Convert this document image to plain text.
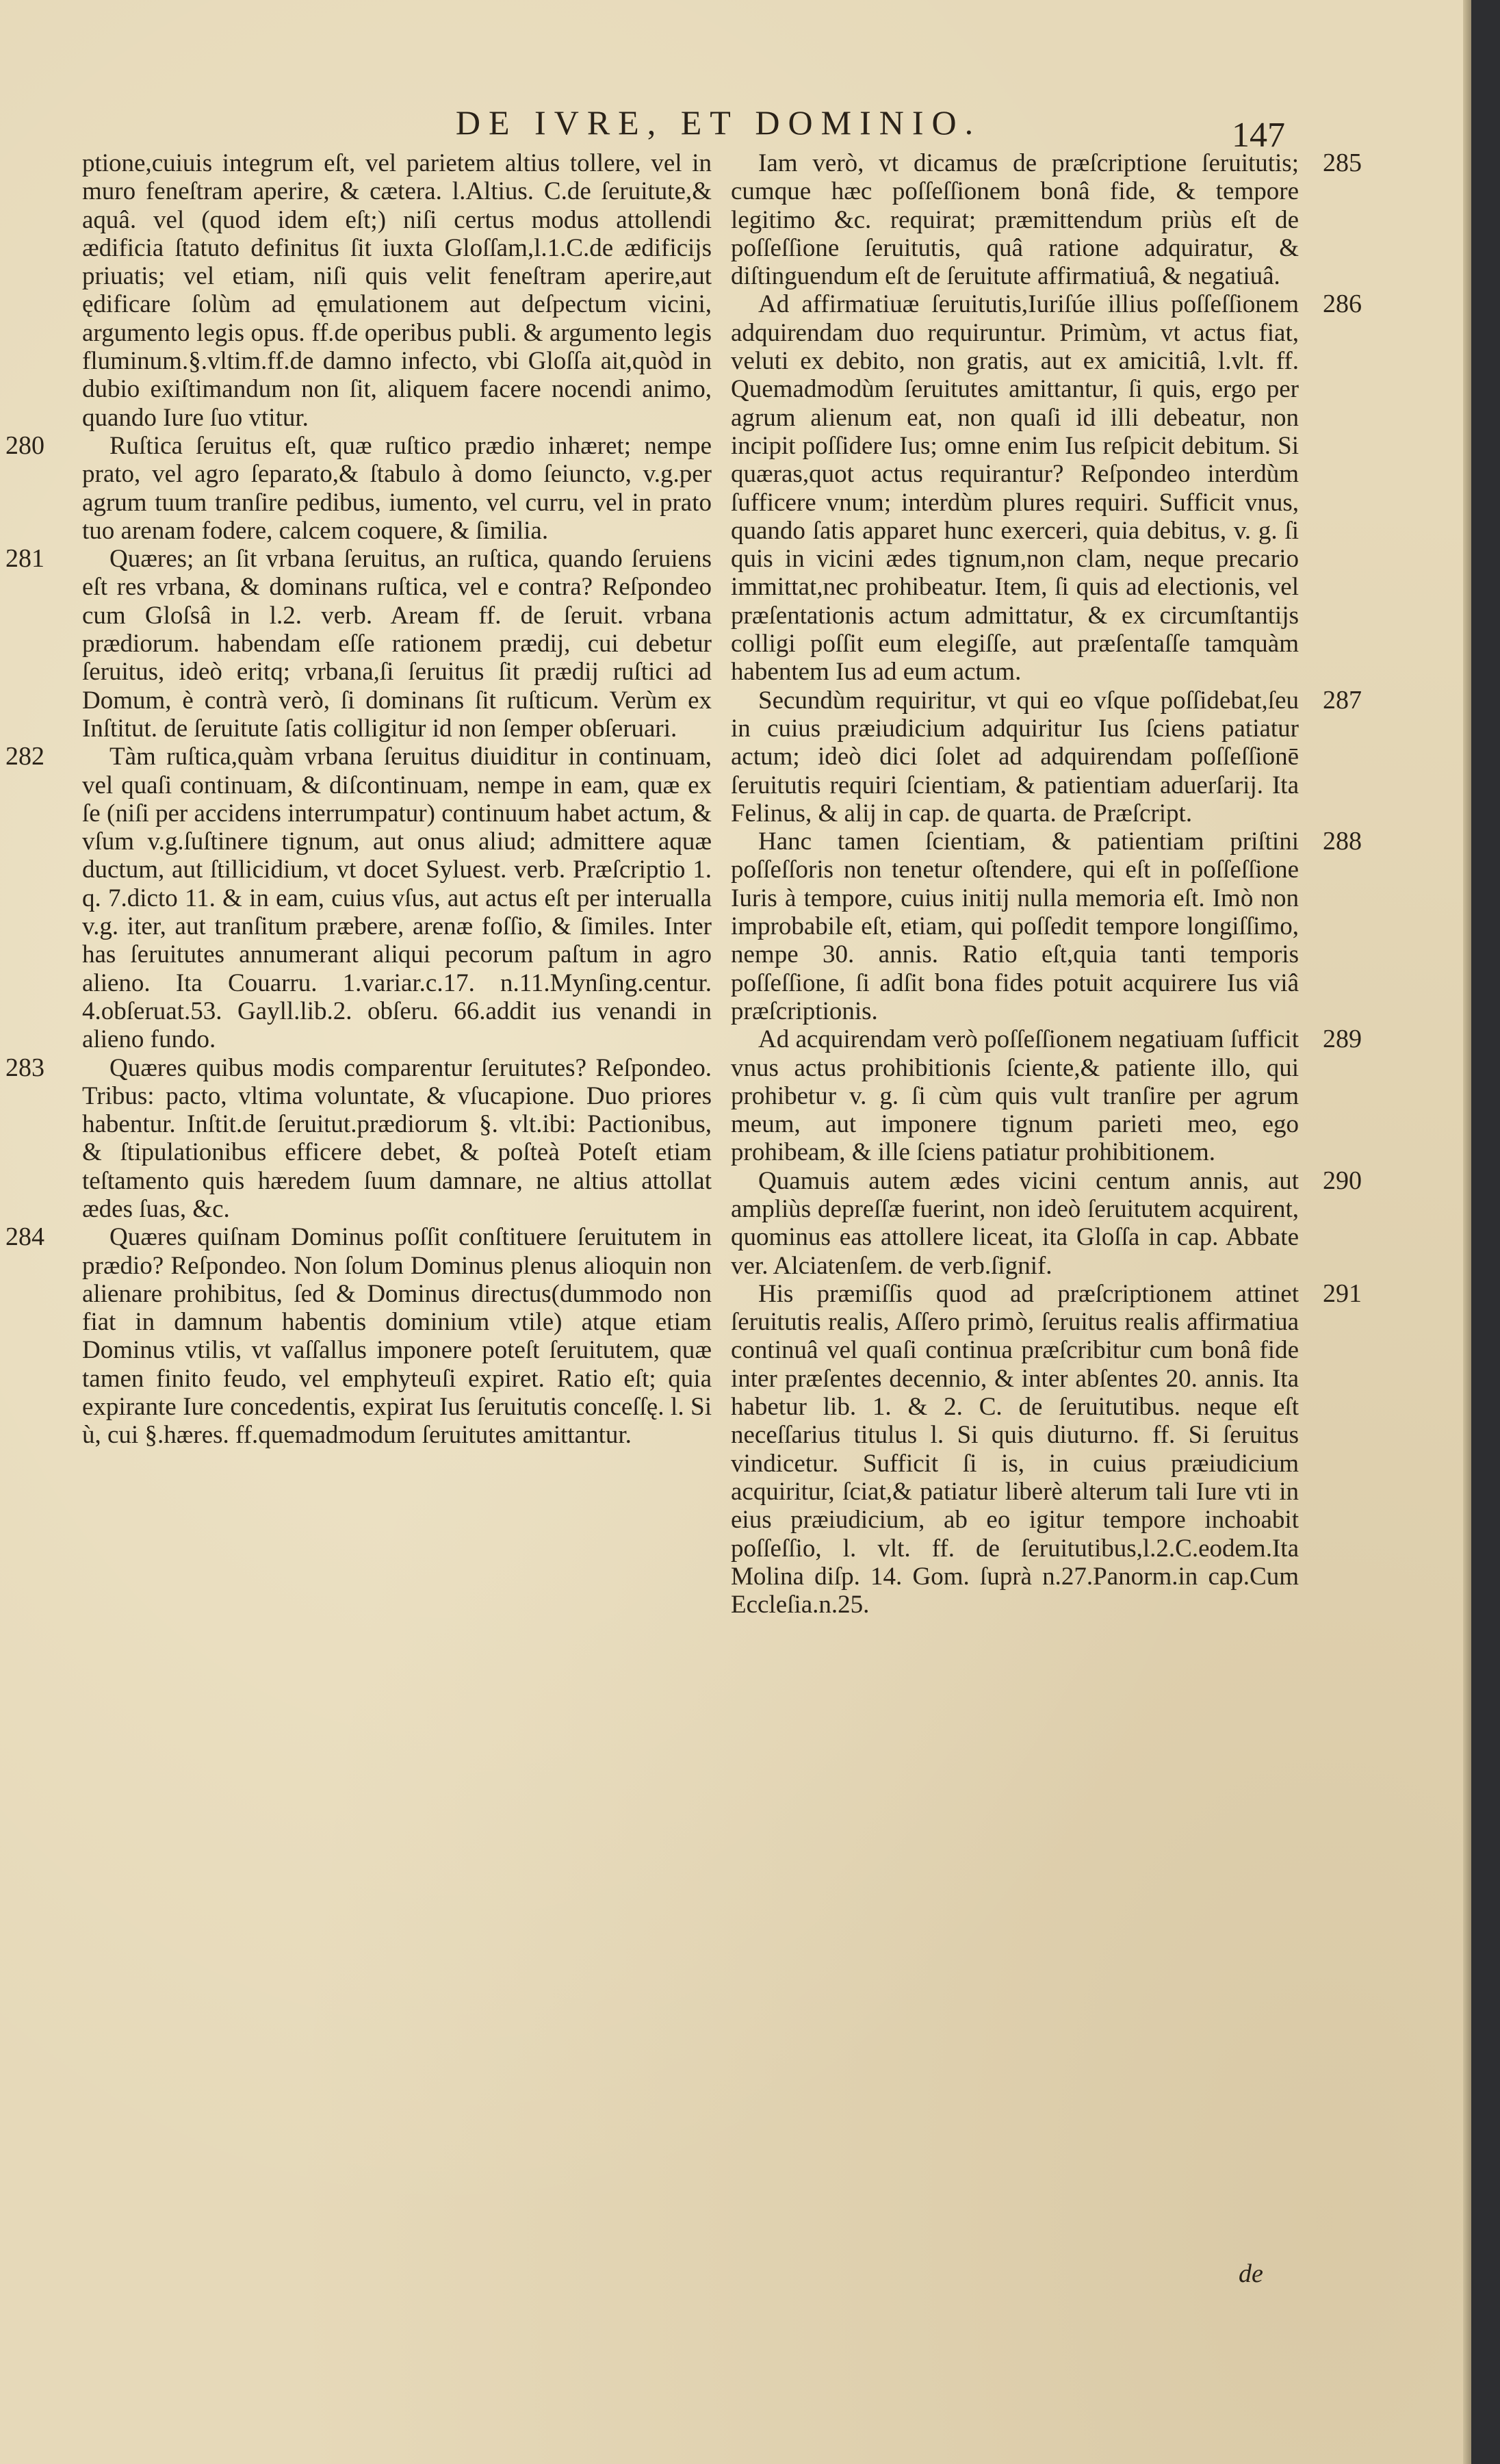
DE IVRE, ET DOMINIO.	147

ptione,cuiuis integrum eſt, vel parietem altius tollere, vel in muro feneſtram aperire, & cætera. l.Altius. C.de ſeruitute,& aquâ. vel (quod idem eſt;) niſi certus modus attollendi ædificia ſtatuto definitus ſit iuxta Gloſſam,l.1.C.de ædificijs priuatis; vel etiam, niſi quis velit feneſtram aperire,aut ędificare ſolùm ad ęmulationem aut deſpectum vicini, argumento legis opus. ff.de operibus publi. & argumento legis fluminum.§.vltim.ff.de damno infecto, vbi Gloſſa ait,quòd in dubio exiſtimandum non ſit, aliquem facere nocendi animo, quando Iure ſuo vtitur.

280	Ruſtica ſeruitus eſt, quæ ruſtico prædio inhæret; nempe prato, vel agro ſeparato,& ſtabulo à domo ſeiuncto, v.g.per agrum tuum tranſire pedibus, iumento, vel curru, vel in prato tuo arenam fodere, calcem coquere, & ſimilia.

281	Quæres; an ſit vrbana ſeruitus, an ruſtica, quando ſeruiens eſt res vrbana, & dominans ruſtica, vel e contra? Reſpondeo cum Gloſsâ in l.2. verb. Aream ff. de ſeruit. vrbana prædiorum. habendam eſſe rationem prædij, cui debetur ſeruitus, ideò eritq; vrbana,ſi ſeruitus ſit prædij ruſtici ad Domum, è contrà verò, ſi dominans ſit ruſticum. Verùm ex Inſtitut. de ſeruitute ſatis colligitur id non ſemper obſeruari.

282	Tàm ruſtica,quàm vrbana ſeruitus diuiditur in continuam, vel quaſi continuam, & diſcontinuam, nempe in eam, quæ ex ſe (niſi per accidens interrumpatur) continuum habet actum, & vſum v.g.ſuſtinere tignum, aut onus aliud; admittere aquæ ductum, aut ſtillicidium, vt docet Syluest. verb. Præſcriptio 1. q. 7.dicto 11. & in eam, cuius vſus, aut actus eſt per interualla v.g. iter, aut tranſitum præbere, arenæ foſſio, & ſimiles. Inter has ſeruitutes annumerant aliqui pecorum paſtum in agro alieno. Ita Couarru. 1.variar.c.17. n.11.Mynſing.centur. 4.obſeruat.53. Gayll.lib.2. obſeru. 66.addit ius venandi in alieno fundo.

283	Quæres quibus modis comparentur ſeruitutes? Reſpondeo. Tribus: pacto, vltima voluntate, & vſucapione. Duo priores habentur. Inſtit.de ſeruitut.prædiorum §. vlt.ibi: Pactionibus, & ſtipulationibus efficere debet, & poſteà Poteſt etiam teſtamento quis hæredem ſuum damnare, ne altius attollat ædes ſuas, &c.

284	Quæres quiſnam Dominus poſſit conſtituere ſeruitutem in prædio? Reſpondeo. Non ſolum Dominus plenus alioquin non alienare prohibitus, ſed & Dominus directus(dummodo non fiat in damnum habentis dominium vtile) atque etiam Dominus vtilis, vt vaſſallus imponere poteſt ſeruitutem, quæ tamen finito feudo, vel emphyteuſi expiret. Ratio eſt; quia expirante Iure concedentis, expirat Ius ſeruitutis conceſſę. l. Si ù, cui §.hæres. ff.quemadmodum ſeruitutes amittantur.

285
Iam verò, vt dicamus de præſcriptione ſeruitutis; cumque hæc poſſeſſionem bonâ fide, & tempore legitimo &c. requirat; præmittendum priùs eſt de poſſeſſione ſeruitutis, quâ ratione adquiratur, & diſtinguendum eſt de ſeruitute affirmatiuâ, & negatiuâ.

286
Ad affirmatiuæ ſeruitutis,Iuriſúe illius poſſeſſionem adquirendam duo requiruntur. Primùm, vt actus fiat, veluti ex debito, non gratis, aut ex amicitiâ, l.vlt. ff. Quemadmodùm ſeruitutes amittantur, ſi quis, ergo per agrum alienum eat, non quaſi id illi debeatur, non incipit poſſidere Ius; omne enim Ius reſpicit debitum. Si quæras,quot actus requirantur? Reſpondeo interdùm ſufficere vnum; interdùm plures requiri. Sufficit vnus, quando ſatis apparet hunc exerceri, quia debitus, v. g. ſi quis in vicini ædes tignum,non clam, neque precario immittat,nec prohibeatur. Item, ſi quis ad electionis, vel præſentationis actum admittatur, & ex circumſtantijs colligi poſſit eum elegiſſe, aut præſentaſſe tamquàm habentem Ius ad eum actum.

287
Secundùm requiritur, vt qui eo vſque poſſidebat,ſeu in cuius præiudicium adquiritur Ius ſciens patiatur actum; ideò dici ſolet ad adquirendam poſſeſſionē ſeruitutis requiri ſcientiam, & patientiam aduerſarij. Ita Felinus, & alij in cap. de quarta. de Præſcript.

288
Hanc tamen ſcientiam, & patientiam priſtini poſſeſſoris non tenetur oſtendere, qui eſt in poſſeſſione Iuris à tempore, cuius initij nulla memoria eſt. Imò non improbabile eſt, etiam, qui poſſedit tempore longiſſimo, nempe 30. annis. Ratio eſt,quia tanti temporis poſſeſſione, ſi adſit bona fides potuit acquirere Ius viâ præſcriptionis.

289
Ad acquirendam verò poſſeſſionem negatiuam ſufficit vnus actus prohibitionis ſciente,& patiente illo, qui prohibetur v. g. ſi cùm quis vult tranſire per agrum meum, aut imponere tignum parieti meo, ego prohibeam, & ille ſciens patiatur prohibitionem.

290
Quamuis autem ædes vicini centum annis, aut ampliùs depreſſæ fuerint, non ideò ſeruitutem acquirent, quominus eas attollere liceat, ita Gloſſa in cap. Abbate ver. Alciatenſem. de verb.ſignif.

291
His præmiſſis quod ad præſcriptionem attinet ſeruitutis realis, Aſſero primò, ſeruitus realis affirmatiua continuâ vel quaſi continua præſcribitur cum bonâ fide inter præſentes decennio, & inter abſentes 20. annis. Ita habetur lib. 1. & 2. C. de ſeruitutibus. neque eſt neceſſarius titulus l. Si quis diuturno. ff. Si ſeruitus vindicetur. Sufficit ſi is, in cuius præiudicium acquiritur, ſciat,& patiatur liberè alterum tali Iure vti in eius præiudicium, ab eo igitur tempore inchoabit poſſeſſio, l. vlt. ff. de ſeruitutibus,l.2.C.eodem.Ita Molina diſp. 14. Gom. ſuprà n.27.Panorm.in cap.Cum Eccleſia.n.25.

de
